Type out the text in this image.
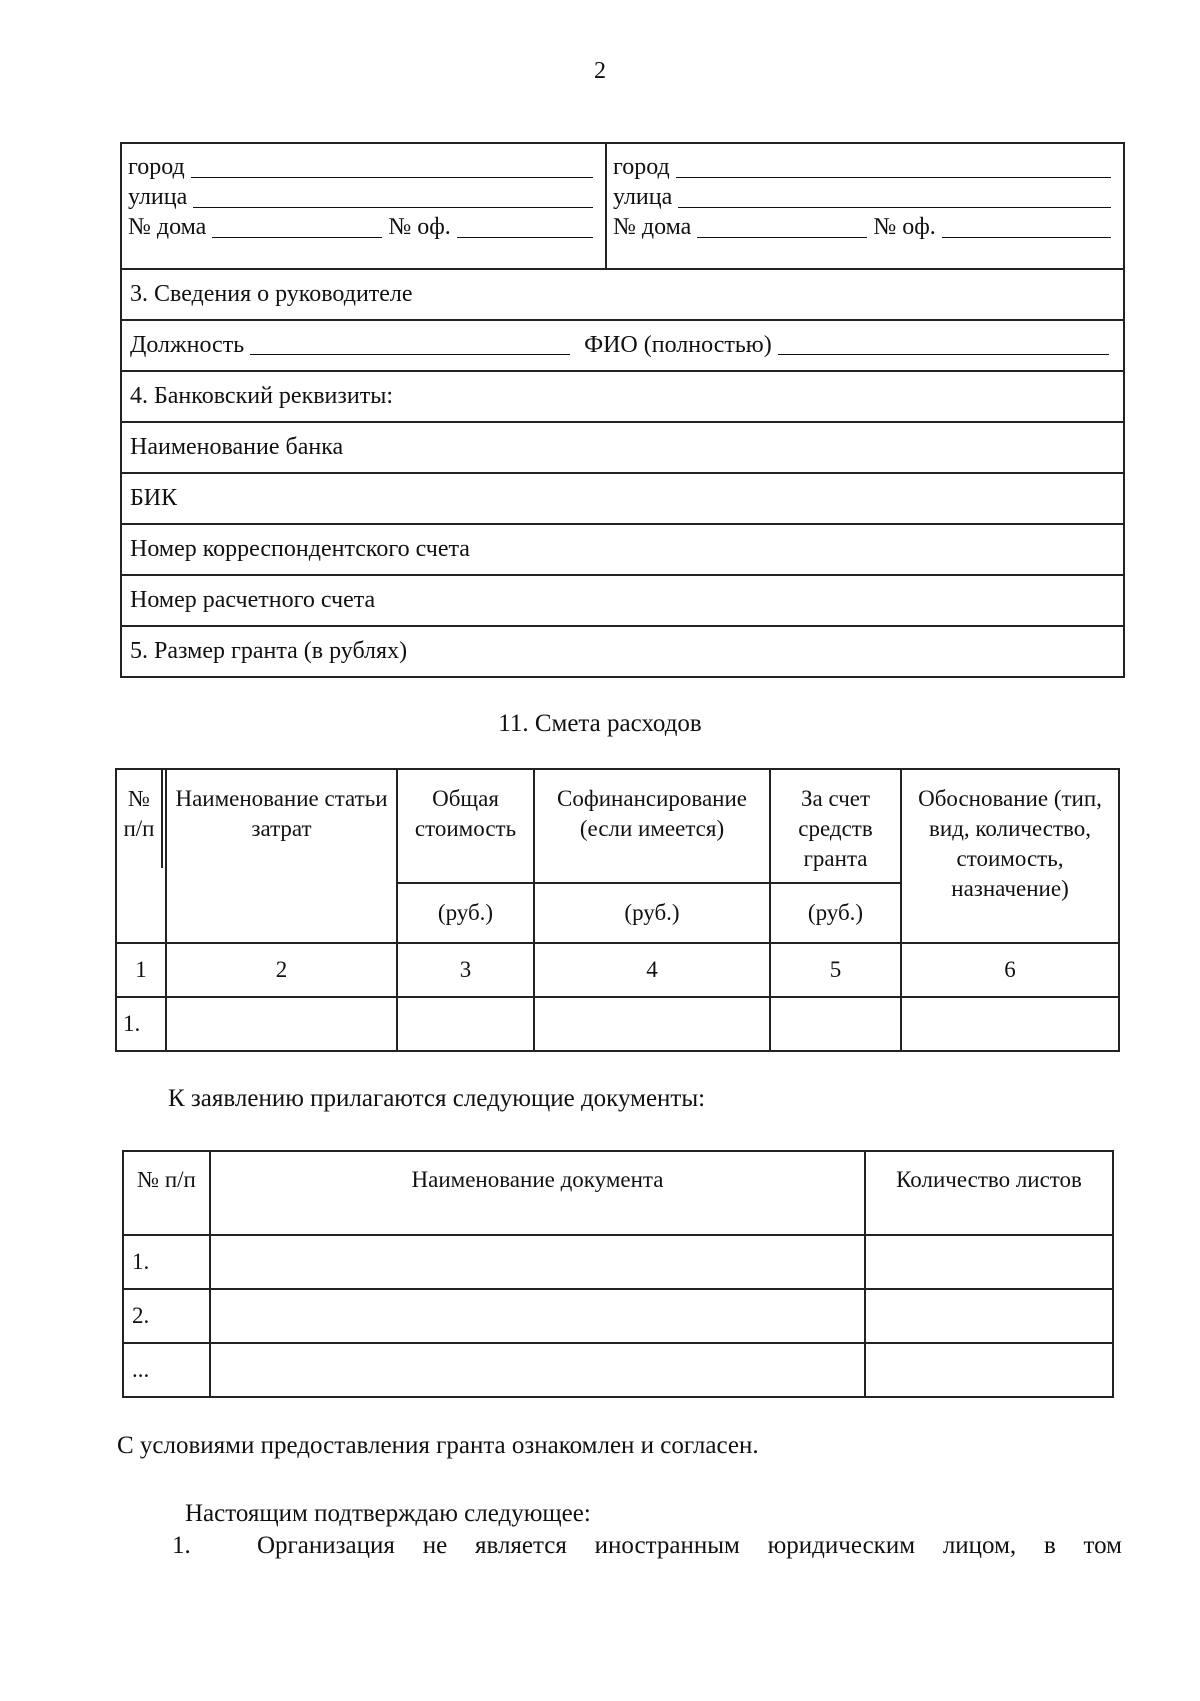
2
город
улица
№ дома	№ оф.

город
улица
№ дома	№ оф.

3. Сведения о руководителе

Должность	ФИО (полностью)

4. Банковский реквизиты:
Наименование банка
БИК
Номер корреспондентского счета
Номер расчетного счета
5. Размер гранта (в рублях)
11. Смета расходов
№ п/п	Наименование статьи затрат	Общая стоимость	Софинансирование (если имеется)	За счет средств гранта	Обоснование (тип, вид, количество, стоимость, назначение)
		(руб.)	(руб.)	(руб.)	
1	2	3	4	5	6
1.					
К заявлению прилагаются следующие документы:
№ п/п	Наименование документа	Количество листов
1.		
2.		
...		
С условиями предоставления гранта ознакомлен и согласен.
Настоящим подтверждаю следующее:
1.	Организация не является иностранным юридическим лицом, в том
